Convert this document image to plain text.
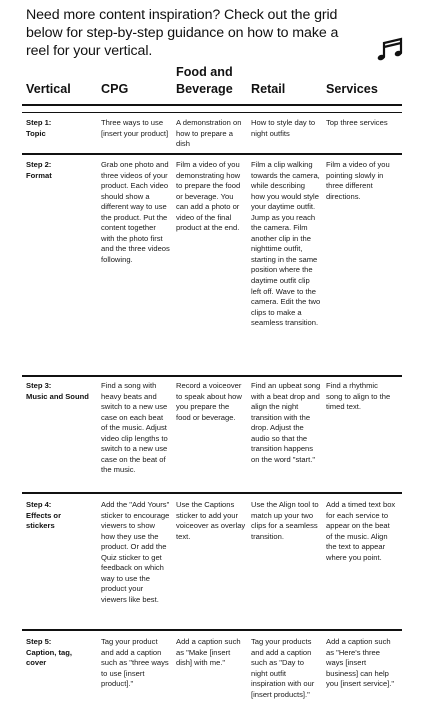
Need more content inspiration? Check out the grid below for step-by-step guidance on how to make a reel for your vertical.
Vertical CPG
Food and Beverage	Retail	Services
Step 1:
Topic
Three ways to use [insert your product]
A demonstration on how to prepare a dish
How to style day to night outfits
Top three services
Step 2:
Format
Grab one photo and three videos of your product. Each video should show a different way to use the product. Put the content together with the photo first and the three videos following.
Film a video of you demonstrating how to prepare the food or beverage. You can add a photo or video of the final product at the end.
Film a clip walking towards the camera, while describing how you would style your daytime outfit. Jump as you reach the camera. Film another clip in the nighttime outfit, starting in the same position where the daytime outfit clip left off. Wave to the camera. Edit the two clips to make a seamless transition.
Film a video of you pointing slowly in three different directions.
Step 3:
Music and Sound
Find a song with heavy beats and switch to a new use case on each beat of the music. Adjust video clip lengths to switch to a new use case on the beat of the music.
Record a voiceover to speak about how you prepare the food or beverage.
Find an upbeat song with a beat drop and align the night transition with the drop. Adjust the audio so that the transition happens on the word "start."
Find a rhythmic song to align to the timed text.
Step 4:
Effects or
stickers
Add the "Add Yours" sticker to encourage viewers to show how they use the product. Or add the Quiz sticker to get feedback on which way to use the product your viewers like best.
Use the Captions sticker to add your voiceover as overlay text.
Use the Align tool to match up your two clips for a seamless transition.
Add a timed text box for each service to appear on the beat of the music. Align the text to appear where you point.
Step 5:
Caption, tag,
cover
Tag your product and add a caption such as "three ways to use [insert product]."
Add a caption such as "Make [insert dish] with me."
Tag your products and add a caption such as "Day to night outfit inspiration with our [insert products]."
Add a caption such as "Here's three ways [insert business] can help you [insert service]."
